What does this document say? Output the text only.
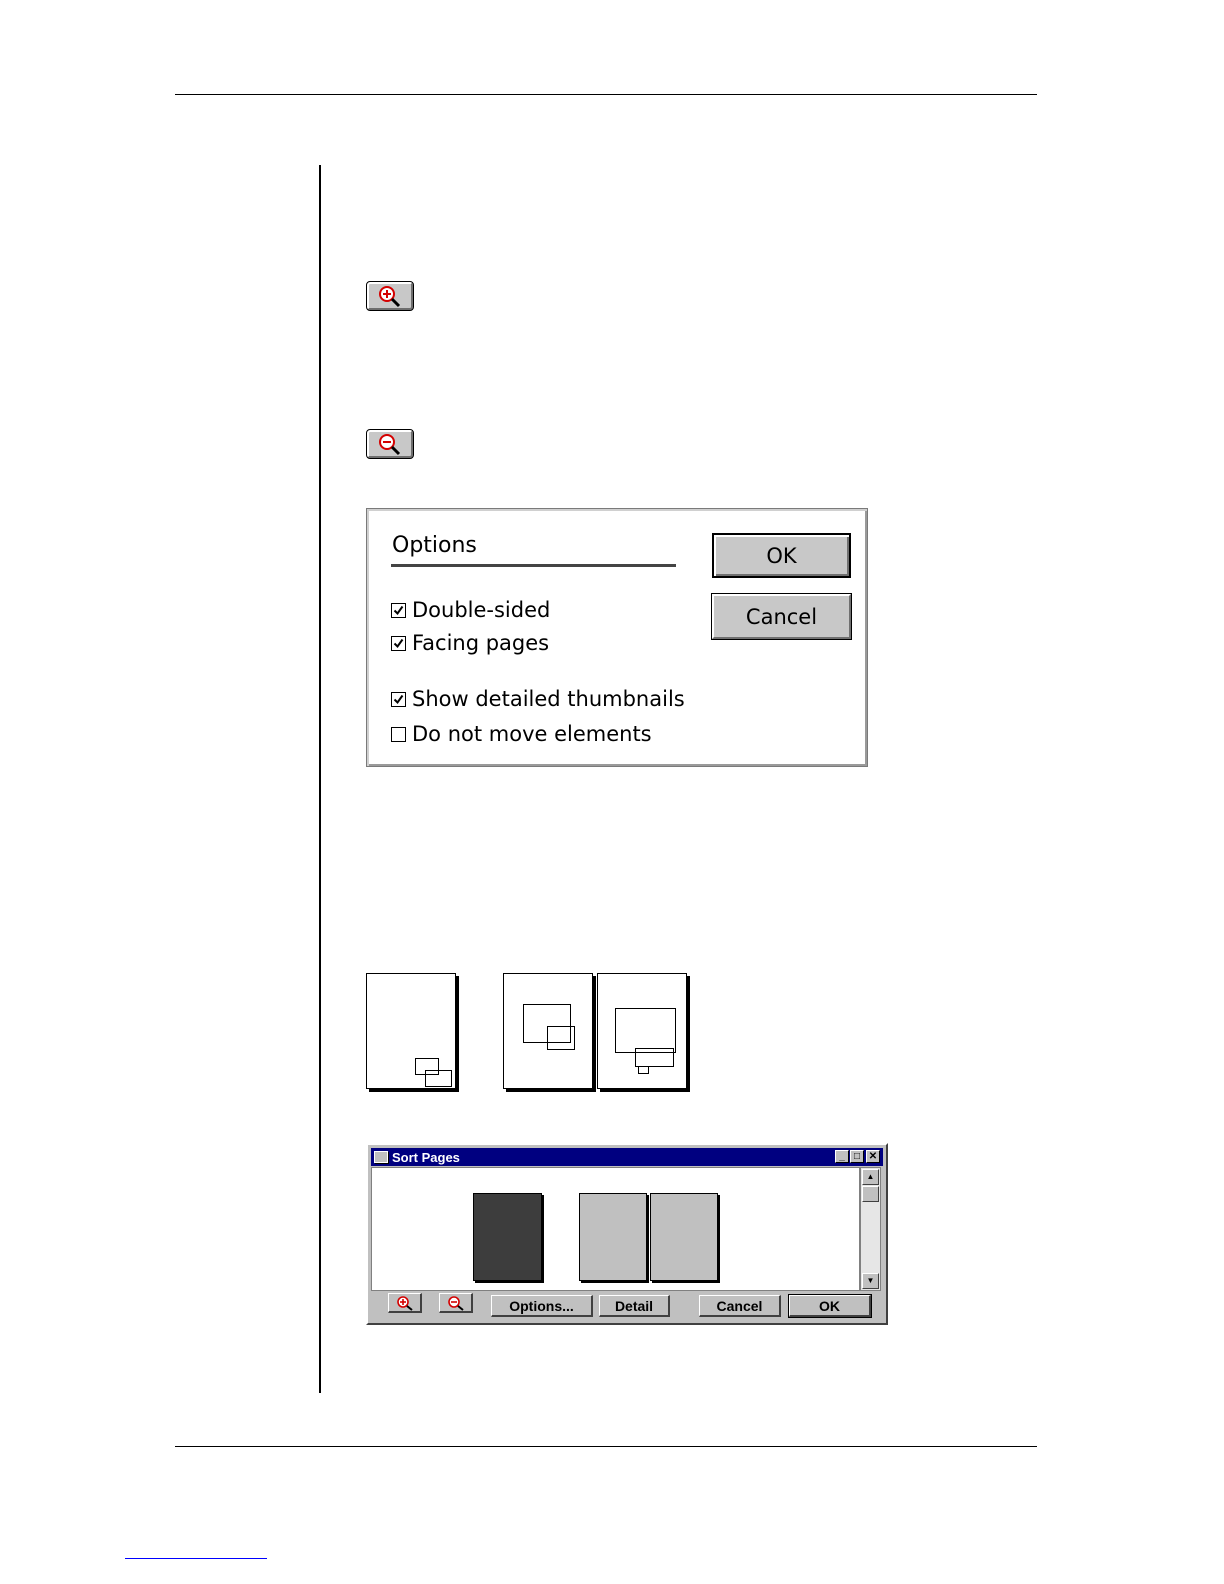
Options
Double-sided
Facing pages
Show detailed thumbnails
Do not move elements
OK
Cancel
Sort Pages	_ □ ✕
▲
▼
Options...	Detail	Cancel	OK
